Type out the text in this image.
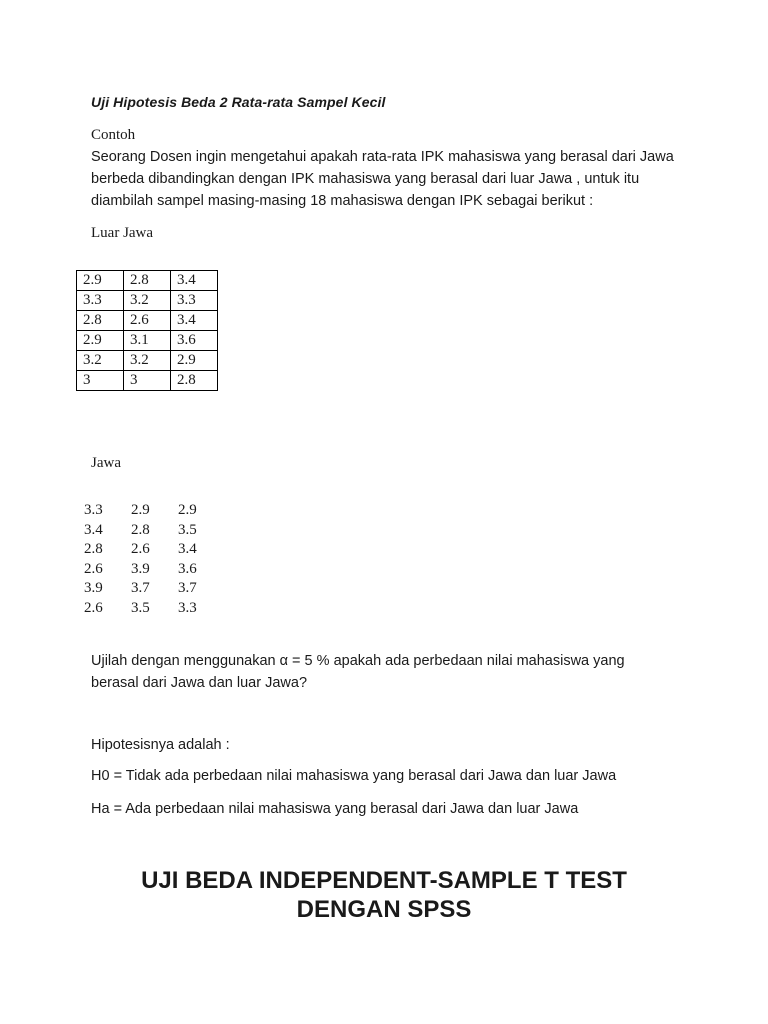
Uji Hipotesis Beda 2 Rata-rata Sampel Kecil

Contoh

Seorang Dosen ingin mengetahui apakah rata-rata IPK mahasiswa yang berasal dari Jawa
berbeda dibandingkan dengan IPK mahasiswa yang berasal dari luar Jawa , untuk itu
diambilah sampel masing-masing 18 mahasiswa dengan IPK sebagai berikut :

Luar Jawa

2.9	2.8	3.4
3.3	3.2	3.3
2.8	2.6	3.4
2.9	3.1	3.6
3.2	3.2	2.9
3	3	2.8

Jawa

3.3 2.9 2.9
3.4 2.8 3.5
2.8 2.6 3.4
2.6 3.9 3.6
3.9 3.7 3.7
2.6 3.5 3.3
Ujilah dengan menggunakan α = 5 % apakah ada perbedaan nilai mahasiswa yang
berasal dari Jawa dan luar Jawa?

Hipotesisnya adalah :

H0 = Tidak ada perbedaan nilai mahasiswa yang berasal dari Jawa dan luar Jawa

Ha = Ada perbedaan nilai mahasiswa yang berasal dari Jawa dan luar Jawa

UJI BEDA INDEPENDENT-SAMPLE T TEST
DENGAN SPSS
